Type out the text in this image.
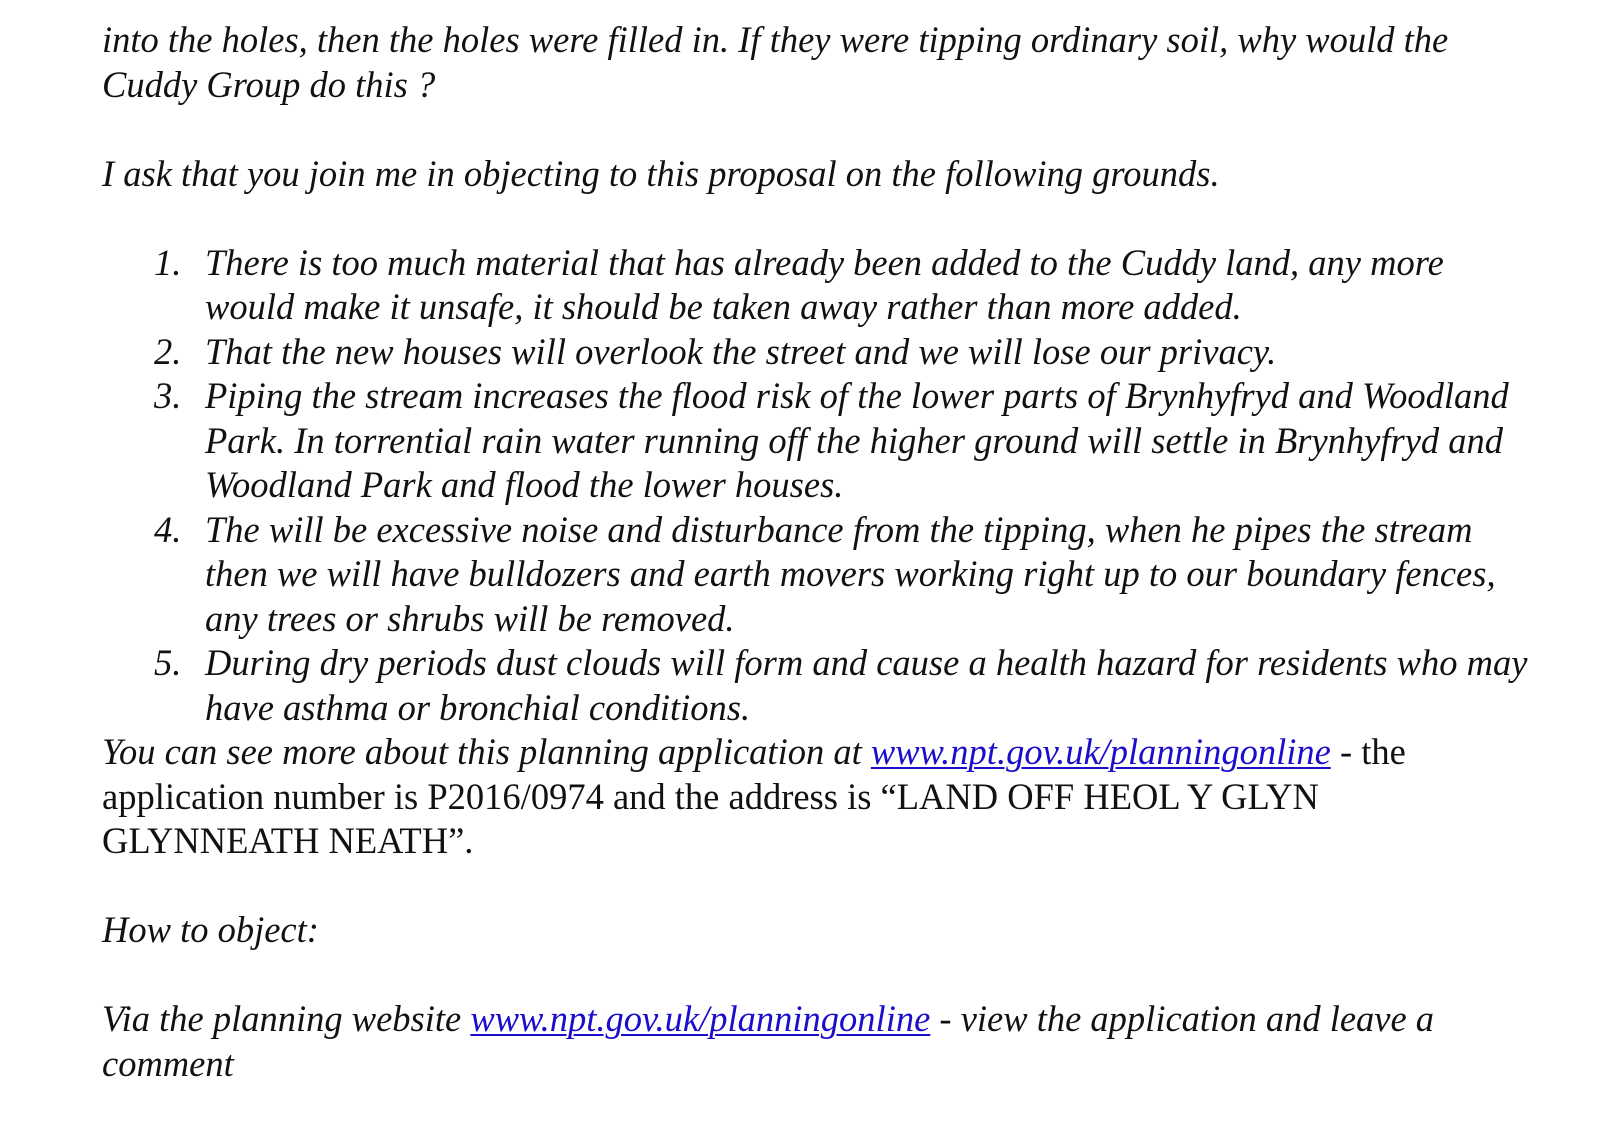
into the holes, then the holes were filled in. If they were tipping ordinary soil, why would the Cuddy Group do this ?

I ask that you join me in objecting to this proposal on the following grounds.

1. There is too much material that has already been added to the Cuddy land, any more would make it unsafe, it should be taken away rather than more added.
2. That the new houses will overlook the street and we will lose our privacy.
3. Piping the stream increases the flood risk of the lower parts of Brynhyfryd and Woodland Park. In torrential rain water running off the higher ground will settle in Brynhyfryd and Woodland Park and flood the lower houses.
4. The will be excessive noise and disturbance from the tipping, when he pipes the stream then we will have bulldozers and earth movers working right up to our boundary fences, any trees or shrubs will be removed.
5. During dry periods dust clouds will form and cause a health hazard for residents who may have asthma or bronchial conditions.

You can see more about this planning application at www.npt.gov.uk/planningonline - the application number is P2016/0974 and the address is “LAND OFF HEOL Y GLYN GLYNNEATH NEATH”.

How to object:

Via the planning website www.npt.gov.uk/planningonline - view the application and leave a comment
